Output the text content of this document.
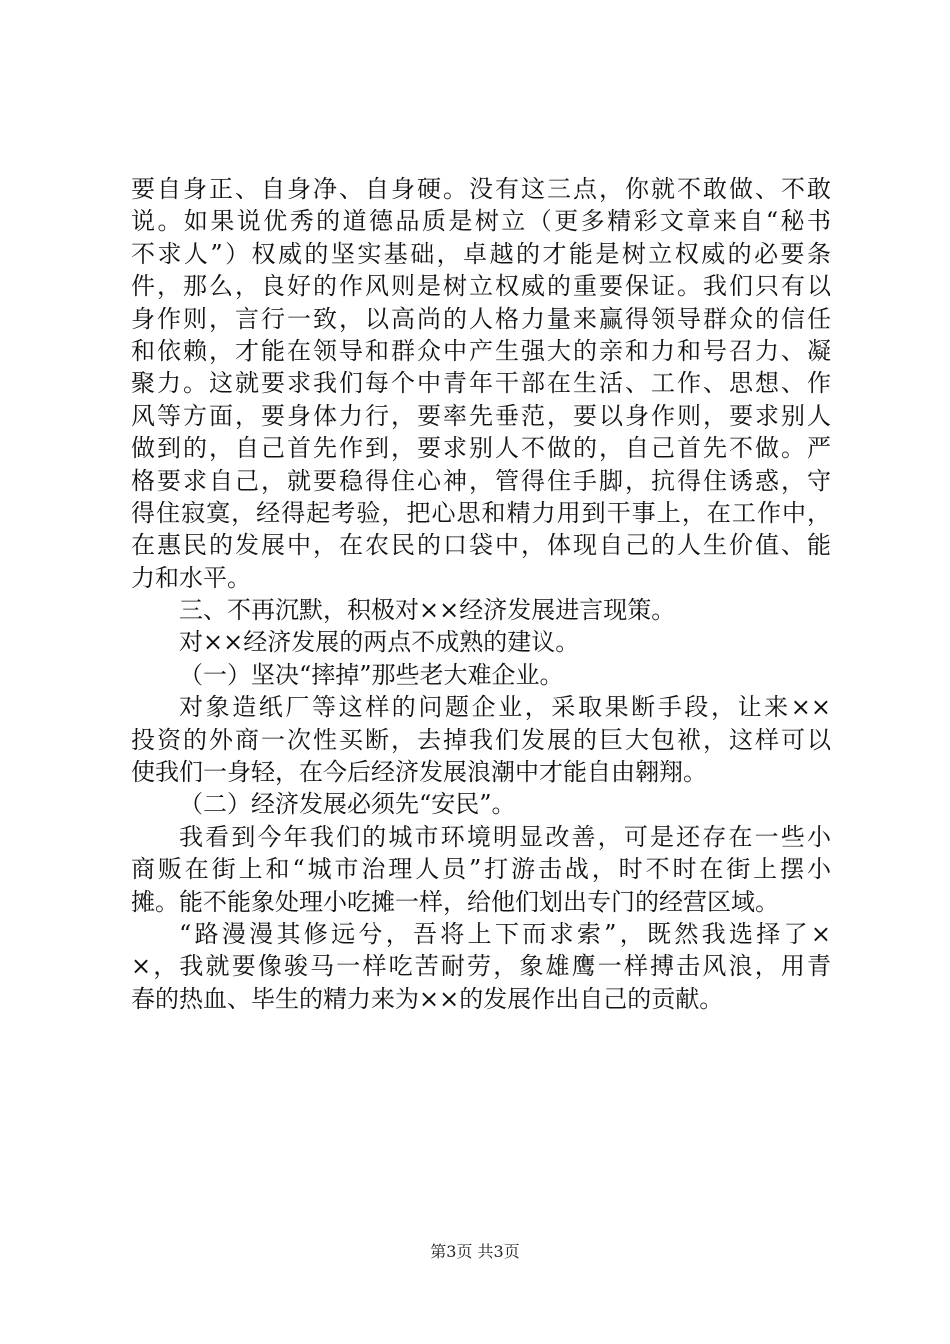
要自身正、自身净、自身硬。没有这三点，你就不敢做、不敢
说。如果说优秀的道德品质是树立（更多精彩文章来自“秘书
不求人”）权威的坚实基础，卓越的才能是树立权威的必要条
件，那么，良好的作风则是树立权威的重要保证。我们只有以
身作则，言行一致，以高尚的人格力量来赢得领导群众的信任
和依赖，才能在领导和群众中产生强大的亲和力和号召力、凝
聚力。这就要求我们每个中青年干部在生活、工作、思想、作
风等方面，要身体力行，要率先垂范，要以身作则，要求别人
做到的，自己首先作到，要求别人不做的，自己首先不做。严
格要求自己，就要稳得住心神，管得住手脚，抗得住诱惑，守
得住寂寞，经得起考验，把心思和精力用到干事上，在工作中，
在惠民的发展中，在农民的口袋中，体现自己的人生价值、能
力和水平。
三、不再沉默，积极对××经济发展进言现策。
对××经济发展的两点不成熟的建议。
（一）坚决“摔掉”那些老大难企业。
对象造纸厂等这样的问题企业，采取果断手段，让来××
投资的外商一次性买断，去掉我们发展的巨大包袱，这样可以
使我们一身轻，在今后经济发展浪潮中才能自由翱翔。
（二）经济发展必须先“安民”。
我看到今年我们的城市环境明显改善，可是还存在一些小
商贩在街上和“城市治理人员”打游击战，时不时在街上摆小
摊。能不能象处理小吃摊一样，给他们划出专门的经营区域。
“路漫漫其修远兮，吾将上下而求索”，既然我选择了×
×，我就要像骏马一样吃苦耐劳，象雄鹰一样搏击风浪，用青
春的热血、毕生的精力来为××的发展作出自己的贡献。
第3页 共3页
